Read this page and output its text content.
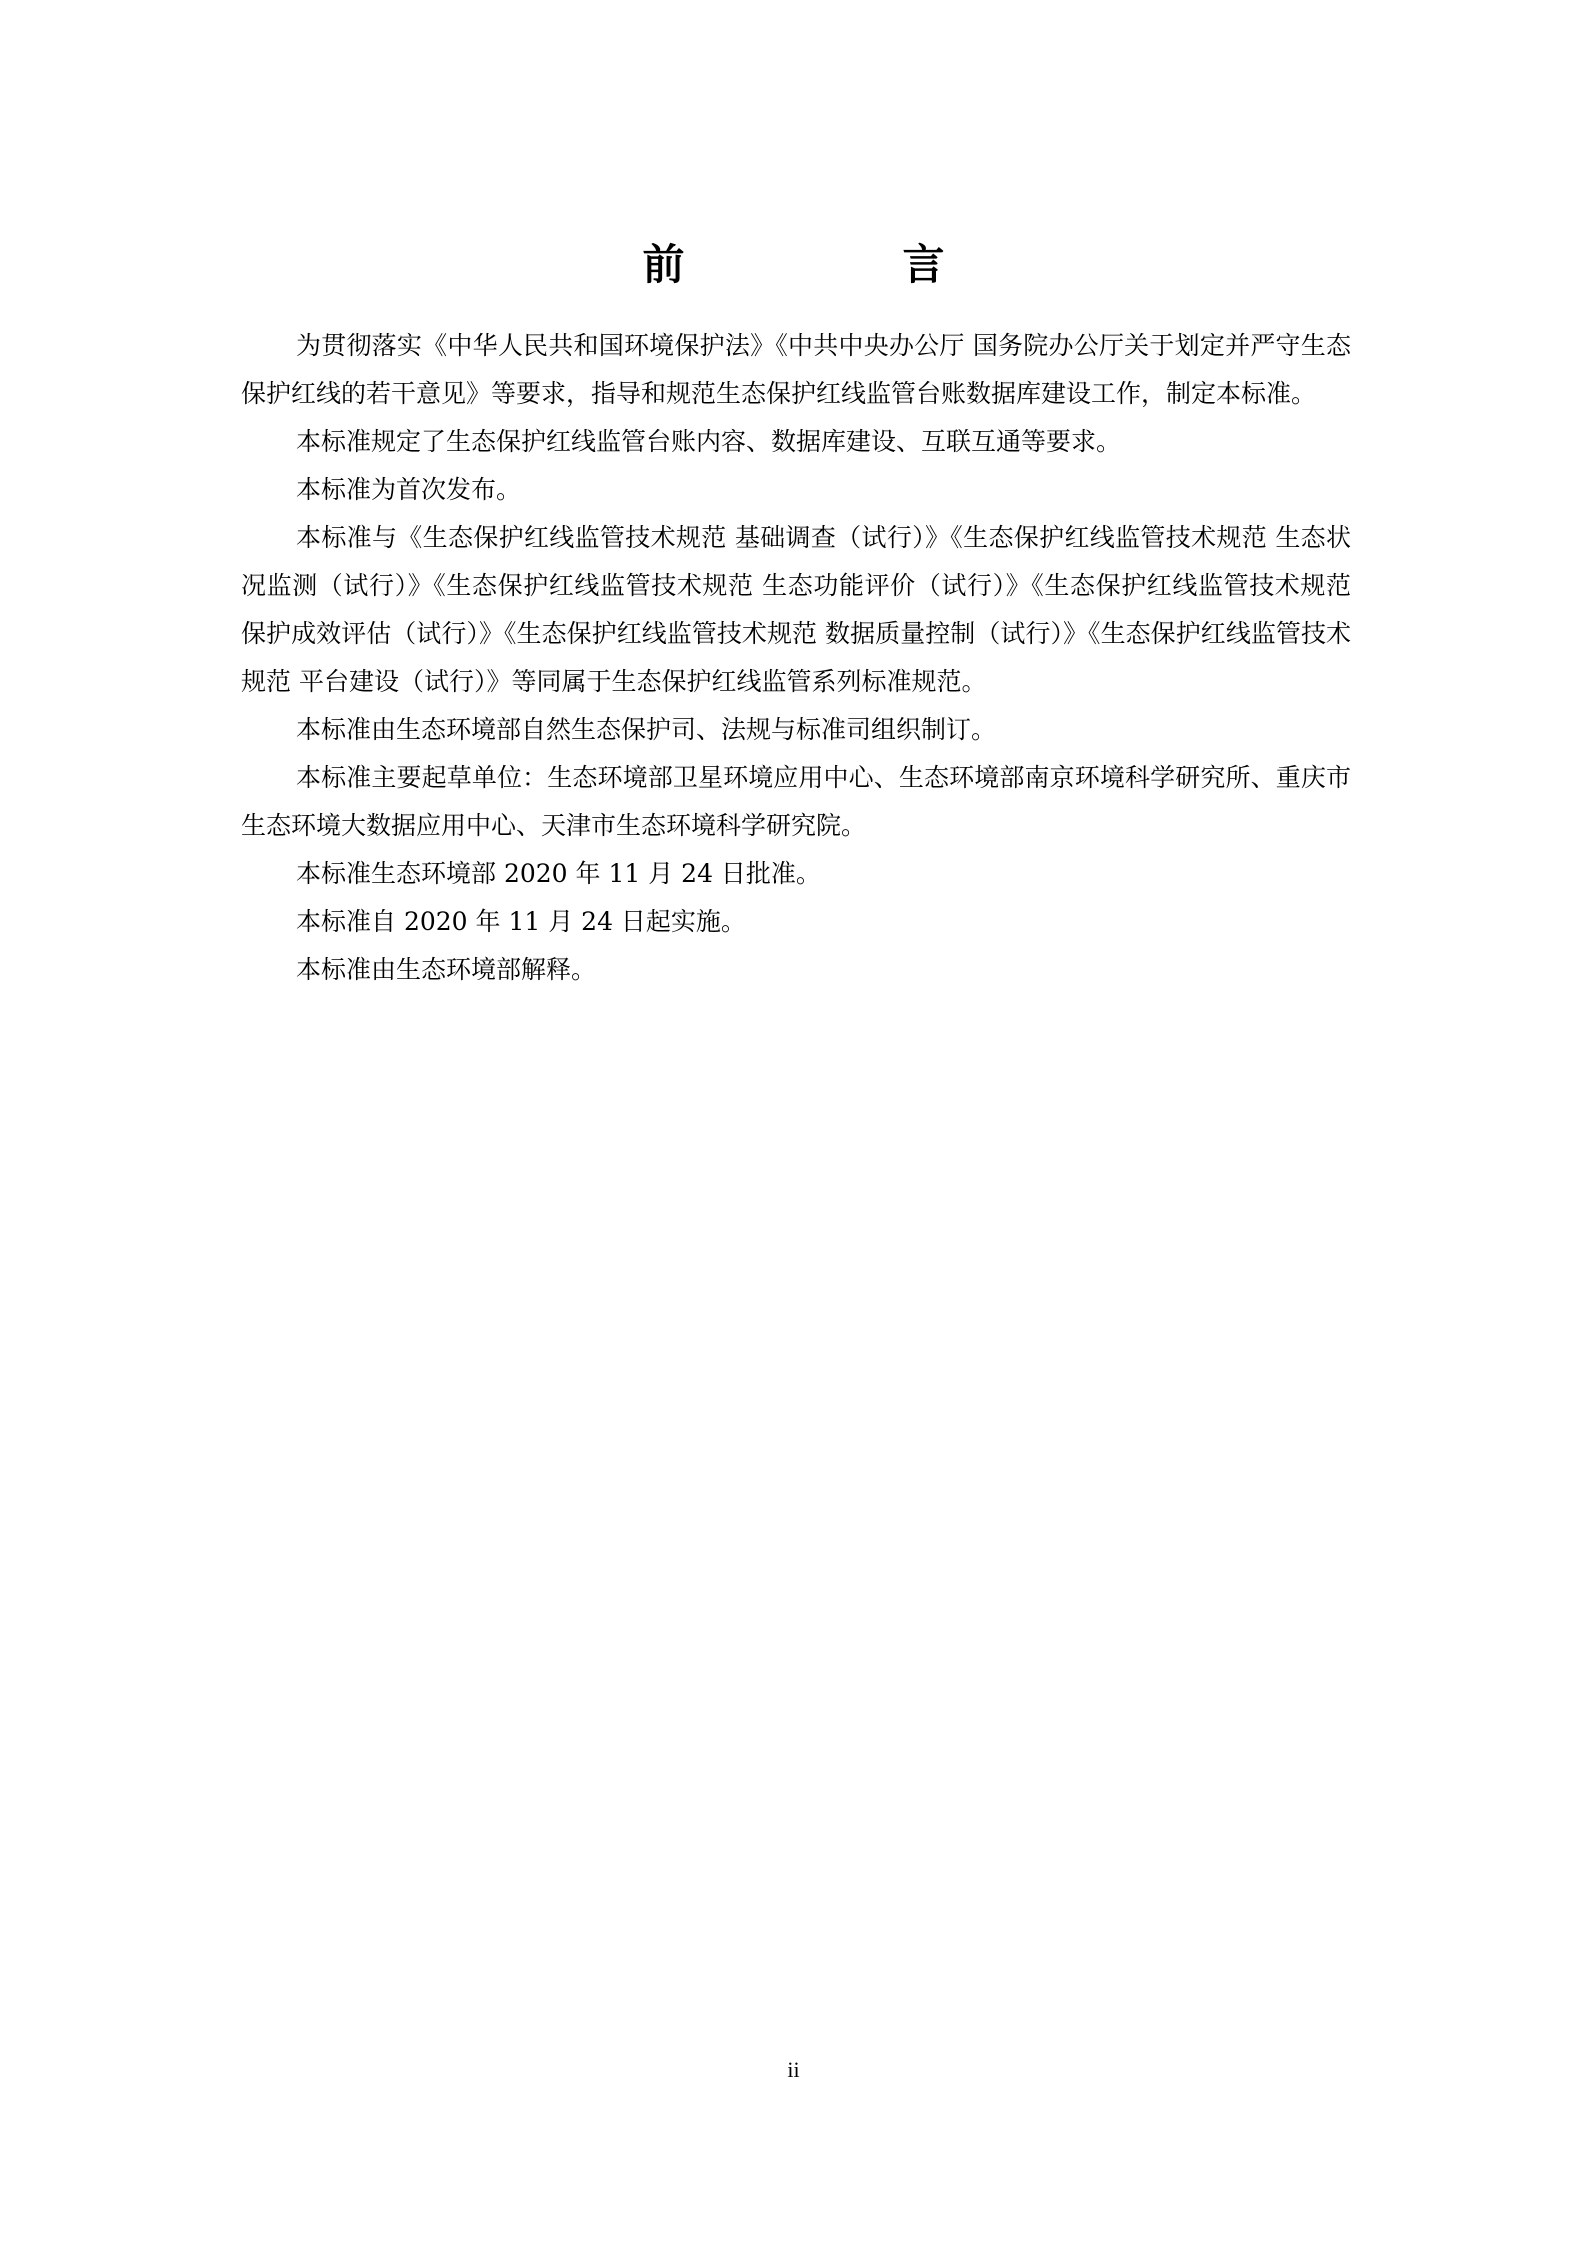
前　言

为贯彻落实《中华人民共和国环境保护法》《中共中央办公厅 国务院办公厅关于划定并严守生态保护红线的若干意见》等要求，指导和规范生态保护红线监管台账数据库建设工作，制定本标准。

本标准规定了生态保护红线监管台账内容、数据库建设、互联互通等要求。

本标准为首次发布。

本标准与《生态保护红线监管技术规范 基础调查（试行）》《生态保护红线监管技术规范 生态状况监测（试行）》《生态保护红线监管技术规范 生态功能评价（试行）》《生态保护红线监管技术规范 保护成效评估（试行）》《生态保护红线监管技术规范 数据质量控制（试行）》《生态保护红线监管技术规范 平台建设（试行）》等同属于生态保护红线监管系列标准规范。

本标准由生态环境部自然生态保护司、法规与标准司组织制订。

本标准主要起草单位：生态环境部卫星环境应用中心、生态环境部南京环境科学研究所、重庆市生态环境大数据应用中心、天津市生态环境科学研究院。

本标准生态环境部 2020 年 11 月 24 日批准。

本标准自 2020 年 11 月 24 日起实施。

本标准由生态环境部解释。

ii
